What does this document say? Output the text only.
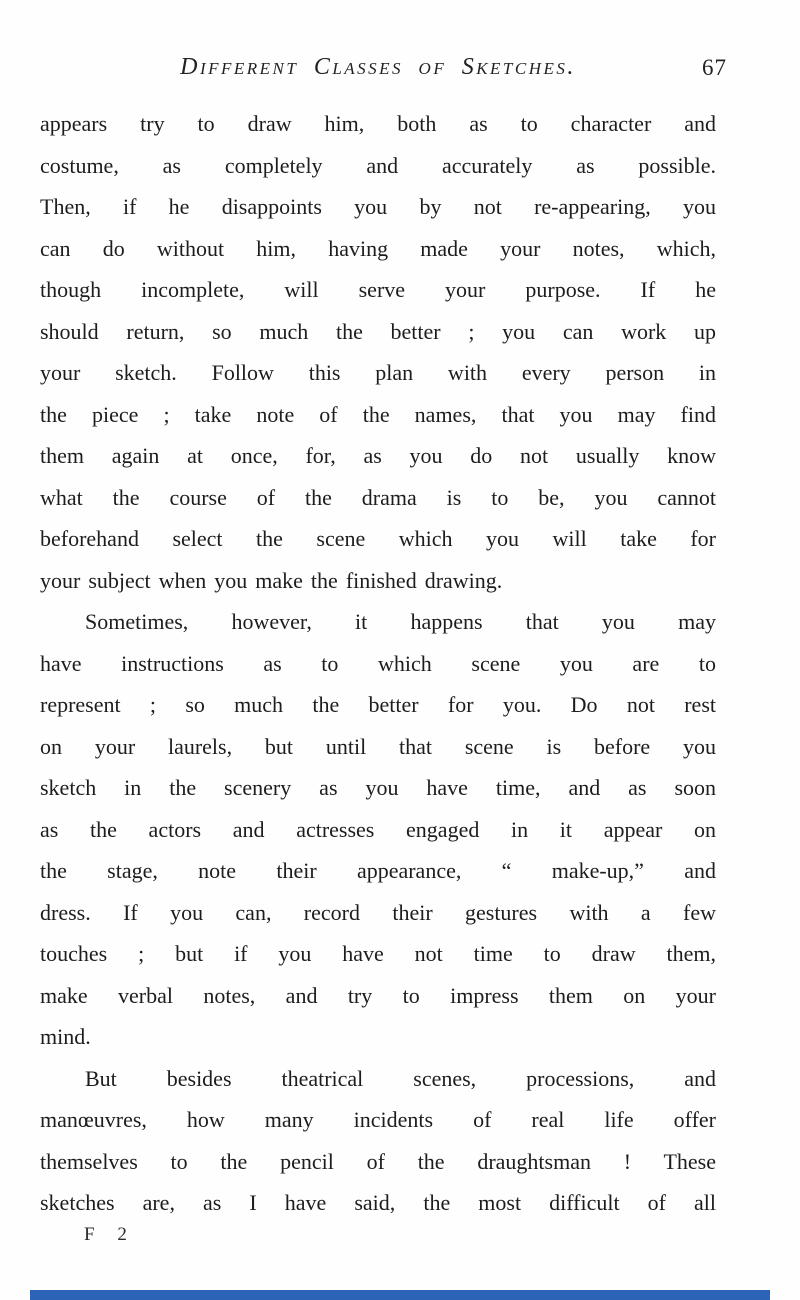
Different Classes of Sketches.	67
appears try to draw him, both as to character and
costume, as completely and accurately as possible.
Then, if he disappoints you by not re-appearing, you
can do without him, having made your notes, which,
though incomplete, will serve your purpose. If he
should return, so much the better ; you can work up
your sketch. Follow this plan with every person in
the piece ; take note of the names, that you may find
them again at once, for, as you do not usually know
what the course of the drama is to be, you cannot
beforehand select the scene which you will take for
your subject when you make the finished drawing.
Sometimes, however, it happens that you may
have instructions as to which scene you are to
represent ; so much the better for you. Do not rest
on your laurels, but until that scene is before you
sketch in the scenery as you have time, and as soon
as the actors and actresses engaged in it appear on
the stage, note their appearance, “ make-up,” and
dress. If you can, record their gestures with a few
touches ; but if you have not time to draw them,
make verbal notes, and try to impress them on your
mind.
But besides theatrical scenes, processions, and
manœuvres, how many incidents of real life offer
themselves to the pencil of the draughtsman ! These
sketches are, as I have said, the most difficult of all
F 2
